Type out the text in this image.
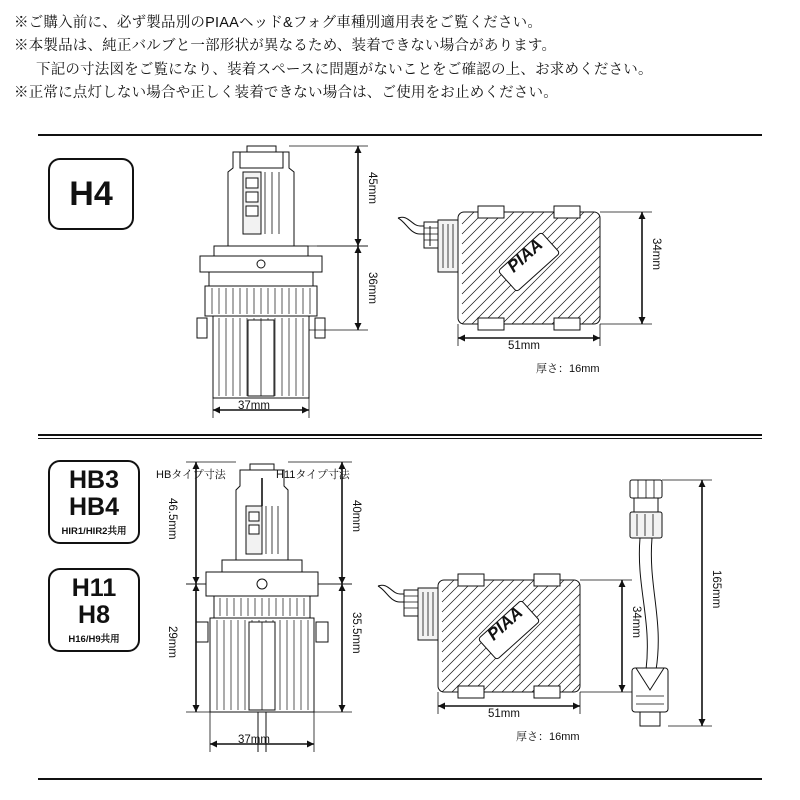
※ご購入前に、必ず製品別のPIAAヘッド&フォグ車種別適用表をご覧ください。
※本製品は、純正バルブと一部形状が異なるため、装着できない場合があります。
下記の寸法図をご覧になり、装着スペースに問題がないことをご確認の上、お求めください。
※正常に点灯しない場合や正しく装着できない場合は、ご使用をお止めください。
H4	45mm
36mm
37mm
34mm
51mm
厚さ：16mm
PIAA
HB3
HB4
HIR1/HIR2共用
H11
H8
H16/H9共用
HBタイプ寸法	H11タイプ寸法
46.5mm
29mm
40mm
35.5mm
37mm
34mm
51mm
厚さ：16mm
PIAA
165mm
